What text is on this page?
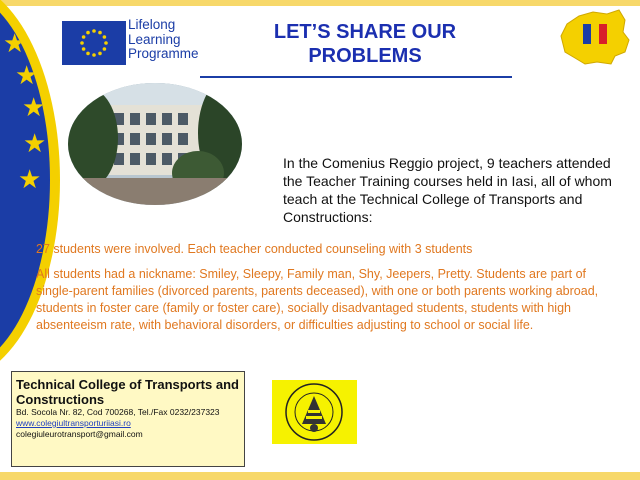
★
★
★
★
★
Lifelong
Learning
Programme
LET’S SHARE OUR
PROBLEMS
In the Comenius Reggio project, 9 teachers attended the Teacher Training courses held in Iasi, all of whom teach at the Technical College of Transports and Constructions:
27 students were involved. Each teacher conducted counseling with 3 students
All students had a nickname: Smiley, Sleepy, Family man, Shy, Jeepers, Pretty. Students are part of single-parent families (divorced parents, parents deceased), with one or both parents working abroad, students in foster care (family or foster care), socially disadvantaged students, students with high absenteeism rate, with behavioral disorders, or difficulties adjusting to school or social life.
Technical College of Transports and Constructions
Bd. Socola Nr. 82, Cod 700268, Tel./Fax 0232/237323
www.colegiultransporturiiasi.ro
colegiuleurotransport@gmail.com
